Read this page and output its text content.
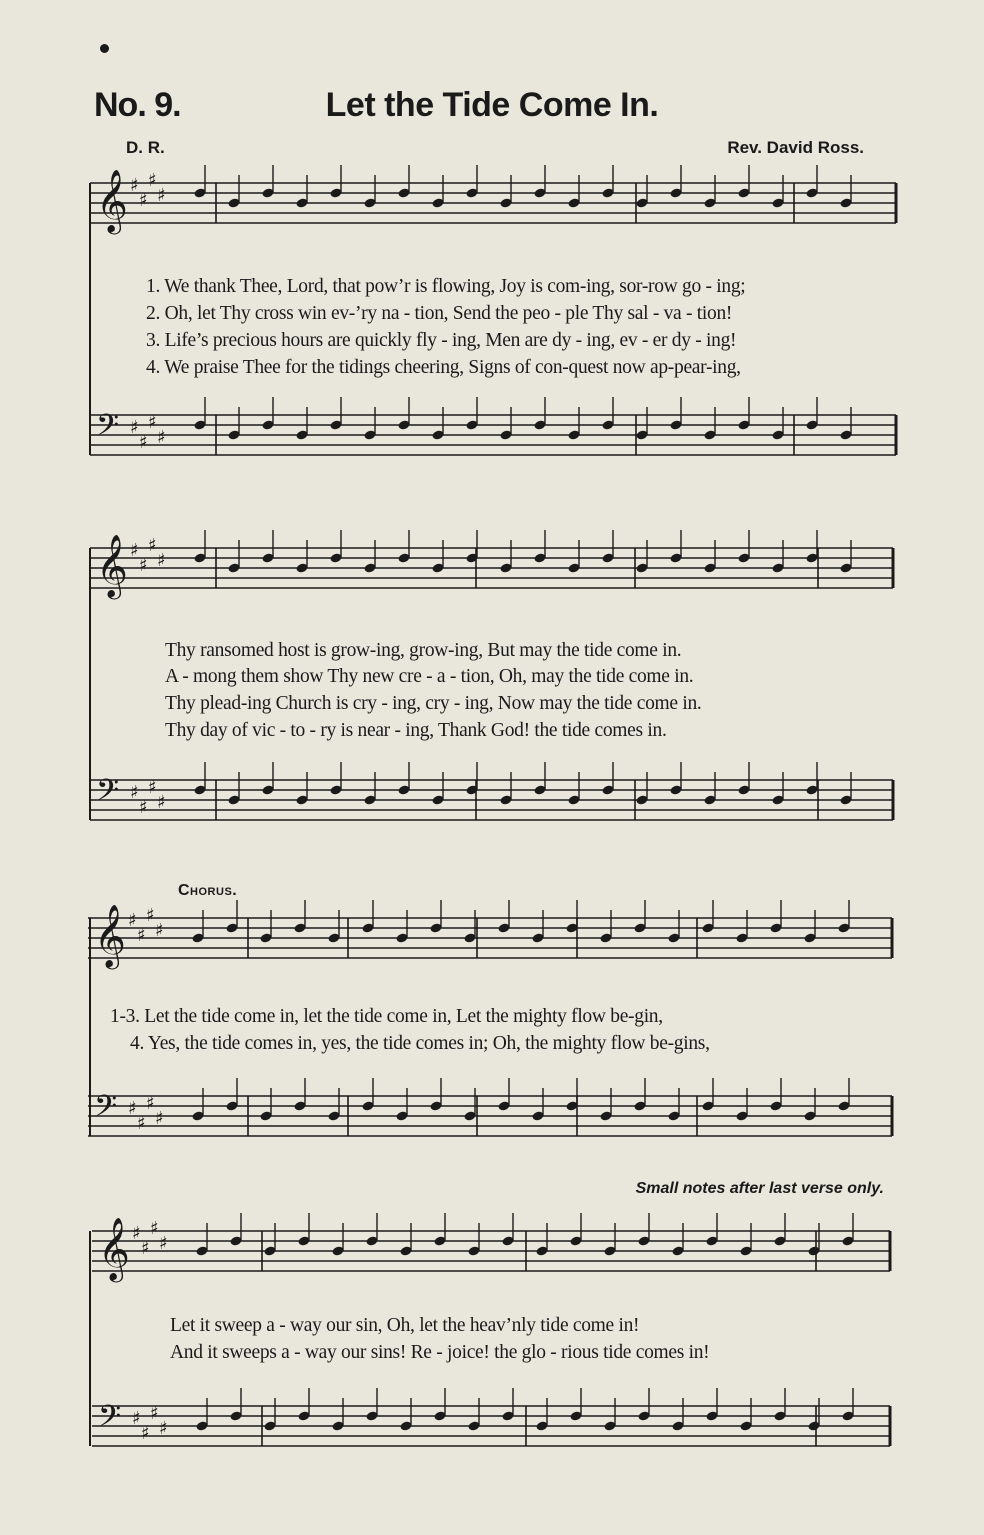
No. 9.	Let the Tide Come In.
D. R.	Rev. David Ross.
𝄞 ♯
♯
♯
♯
𝄢 ♯
♯
♯
♯
𝄞 ♯
♯
♯
♯
𝄢 ♯
♯
♯
♯
𝄞 ♯
♯
♯
♯
𝄢 ♯
♯
♯
♯
𝄞 ♯
♯
♯
♯
𝄢 ♯
♯
♯
♯
1. We thank Thee, Lord, that pow’r is flowing, Joy is com-ing, sor-row go - ing;
2. Oh, let Thy cross win ev-’ry na - tion, Send the peo - ple Thy sal - va - tion!
3. Life’s precious hours are quickly fly - ing, Men are dy - ing, ev - er dy - ing!
4. We praise Thee for the tidings cheering, Signs of con-quest now ap-pear-ing,
Thy ransomed host is grow-ing, grow-ing, But may the tide come in.
A - mong them show Thy new cre - a - tion, Oh, may the tide come in.
Thy plead-ing Church is cry - ing, cry - ing, Now may the tide come in.
Thy day of vic - to - ry is near - ing, Thank God! the tide comes in.
Chorus.
1-3. Let the tide come in, let the tide come in, Let the mighty flow be-gin,
4. Yes, the tide comes in, yes, the tide comes in; Oh, the mighty flow be-gins,
Small notes after last verse only.
Let it sweep a - way our sin, Oh, let the heav’nly tide come in!
And it sweeps a - way our sins! Re - joice! the glo - rious tide comes in!
